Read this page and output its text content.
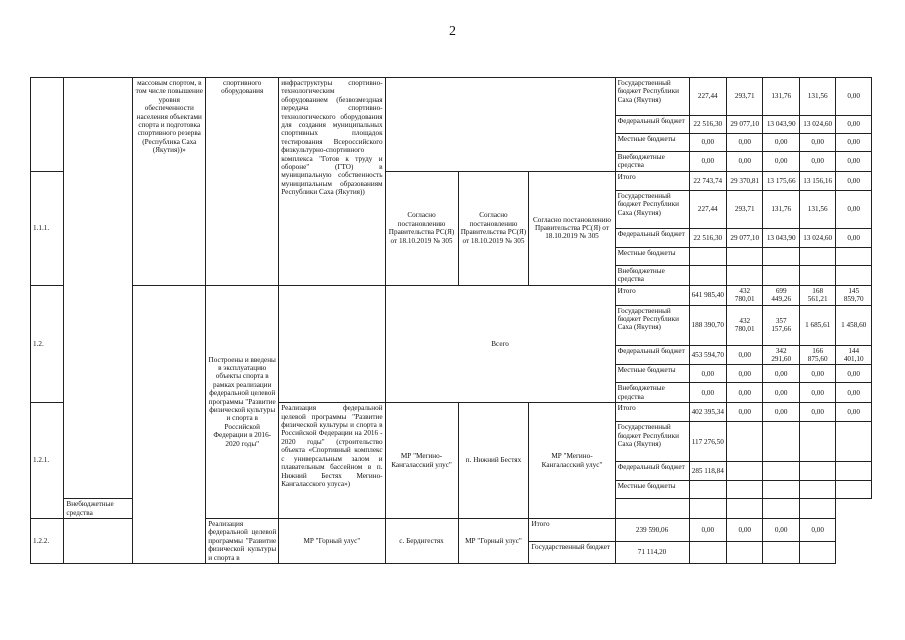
2
		массовым спортом, в том числе повышение уровня обеспеченности населения объектами спорта и подготовка спортивного резерва (Республика Саха (Якутия))»	спортивного оборудования	инфраструктуры спортивно-технологическим оборудованием (безвозмездная передача спортивно-технологического оборудования для создания муниципальных спортивных площадок тестирования Всероссийского физкультурно-спортивного комплекса "Готов к труду и обороне" (ГТО) в муниципальную собственность муниципальным образованиям Республики Саха (Якутия))				Государственный бюджет Республики Саха (Якутия)	227,44	293,71	131,76	131,56	0,00
								Федеральный бюджет	22 516,30	29 077,10	13 043,90	13 024,60	0,00
								Местные бюджеты	0,00	0,00	0,00	0,00	0,00
								Внебюджетные средства	0,00	0,00	0,00	0,00	0,00
1.1.1.					Согласно постановлению Правительства РС(Я) от 18.10.2019 № 305	Согласно постановлению Правительства РС(Я) от 18.10.2019 № 305	Согласно постановлению Правительства РС(Я) от 18.10.2019 № 305	Итого	22 743,74	29 370,81	13 175,66	13 156,16	0,00
								Государственный бюджет Республики Саха (Якутия)	227,44	293,71	131,76	131,56	0,00
								Федеральный бюджет	22 516,30	29 077,10	13 043,90	13 024,60	0,00
								Местные бюджеты					
								Внебюджетные средства					
1.2.			Построены и введены в эксплуатацию объекты спорта в рамках реализации федеральной целевой программы "Развитие физической культуры и спорта в Российской Федерации в 2016-2020 годы"		Всего			Итого	641 985,40	432 780,01	699 449,26	168 561,21	145 859,70
								Государственный бюджет Республики Саха (Якутия)	188 390,70	432 780,01	357 157,66	1 685,61	1 458,60
								Федеральный бюджет	453 594,70	0,00	342 291,60	166 875,60	144 401,10
								Местные бюджеты	0,00	0,00	0,00	0,00	0,00
								Внебюджетные средства	0,00	0,00	0,00	0,00	0,00
1.2.1.				Реализация федеральной целевой программы "Развитие физической культуры и спорта в Российской Федерации на 2016 - 2020 годы" (строительство объекта «Спортивный комплекс с универсальным залом и плавательным бассейном в п. Нижний Бестях Мегино-Кангаласского улуса»)	МР "Мегино-Кангаласский улус"	п. Нижний Бестях	МР "Мегино-Кангаласский улус"	Итого	402 395,34	0,00	0,00	0,00	0,00
								Государственный бюджет Республики Саха (Якутия)	117 276,50				
								Федеральный бюджет	285 118,84				
								Местные бюджеты					
	Внебюджетные средства												
1.2.2.			Реализация федеральной целевой программы "Развитие физической культуры и спорта в	МР "Горный улус"	с. Бердигестях	МР "Горный улус"	Итого	239 590,06	0,00	0,00	0,00	0,00	
							Государственный бюджет	71 114,20					
